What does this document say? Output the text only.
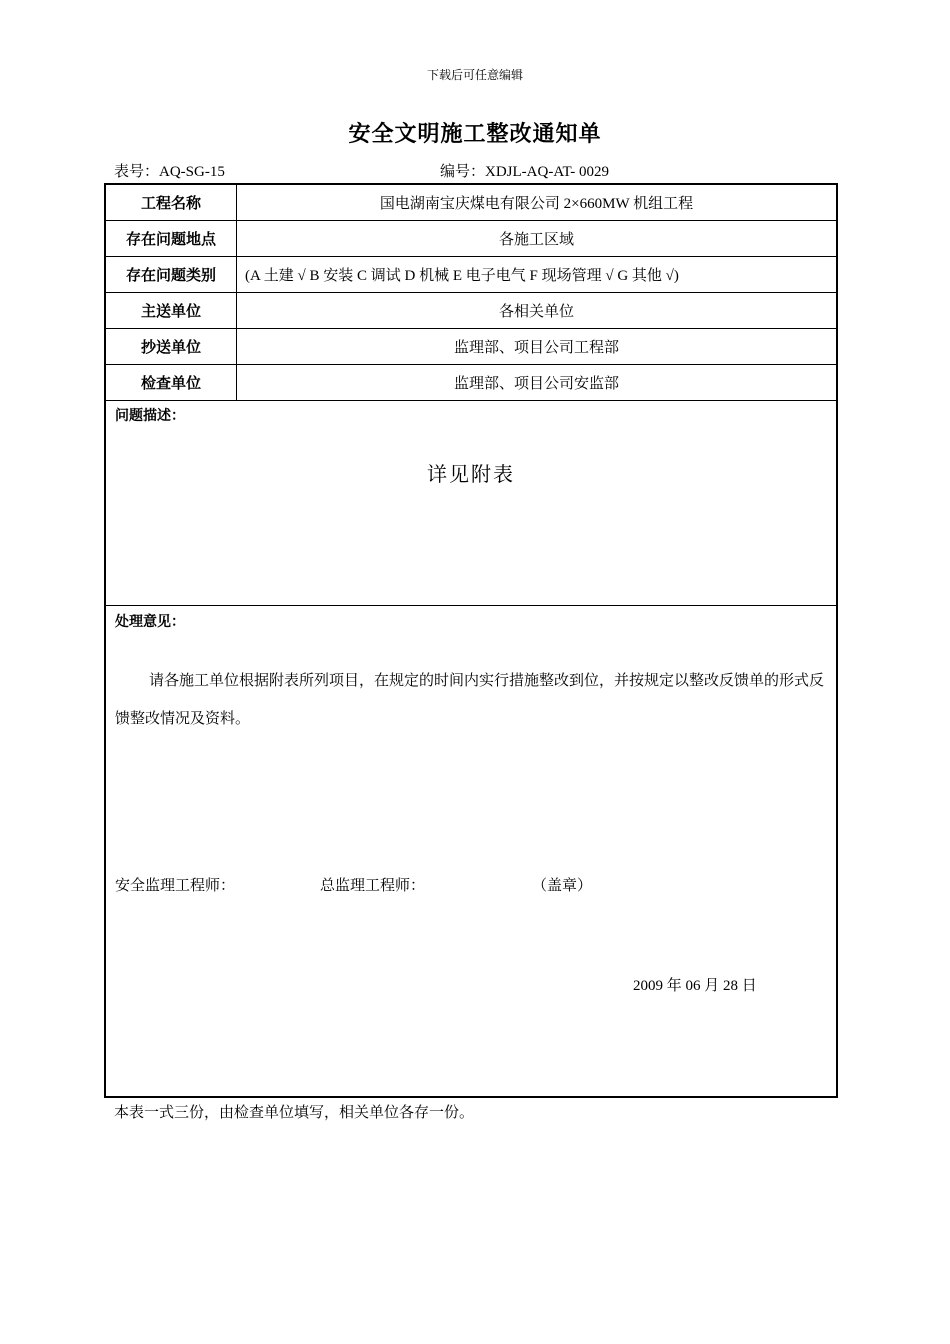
下载后可任意编辑
安全文明施工整改通知单
表号：AQ-SG-15	编号：XDJL-AQ-AT- 0029
工程名称	国电湖南宝庆煤电有限公司 2×660MW 机组工程
存在问题地点	各施工区域
存在问题类别	(A 土建 √ B 安装 C 调试 D 机械 E 电子电气 F 现场管理 √ G 其他 √)
主送单位	各相关单位
抄送单位	监理部、项目公司工程部
检查单位	监理部、项目公司安监部
问题描述：
详见附表
处理意见：
请各施工单位根据附表所列项目，在规定的时间内实行措施整改到位，并按规定以整改反馈单的形式反馈整改情况及资料。
安全监理工程师：	总监理工程师：	（盖章）
2009 年 06 月 28 日
本表一式三份，由检查单位填写，相关单位各存一份。
